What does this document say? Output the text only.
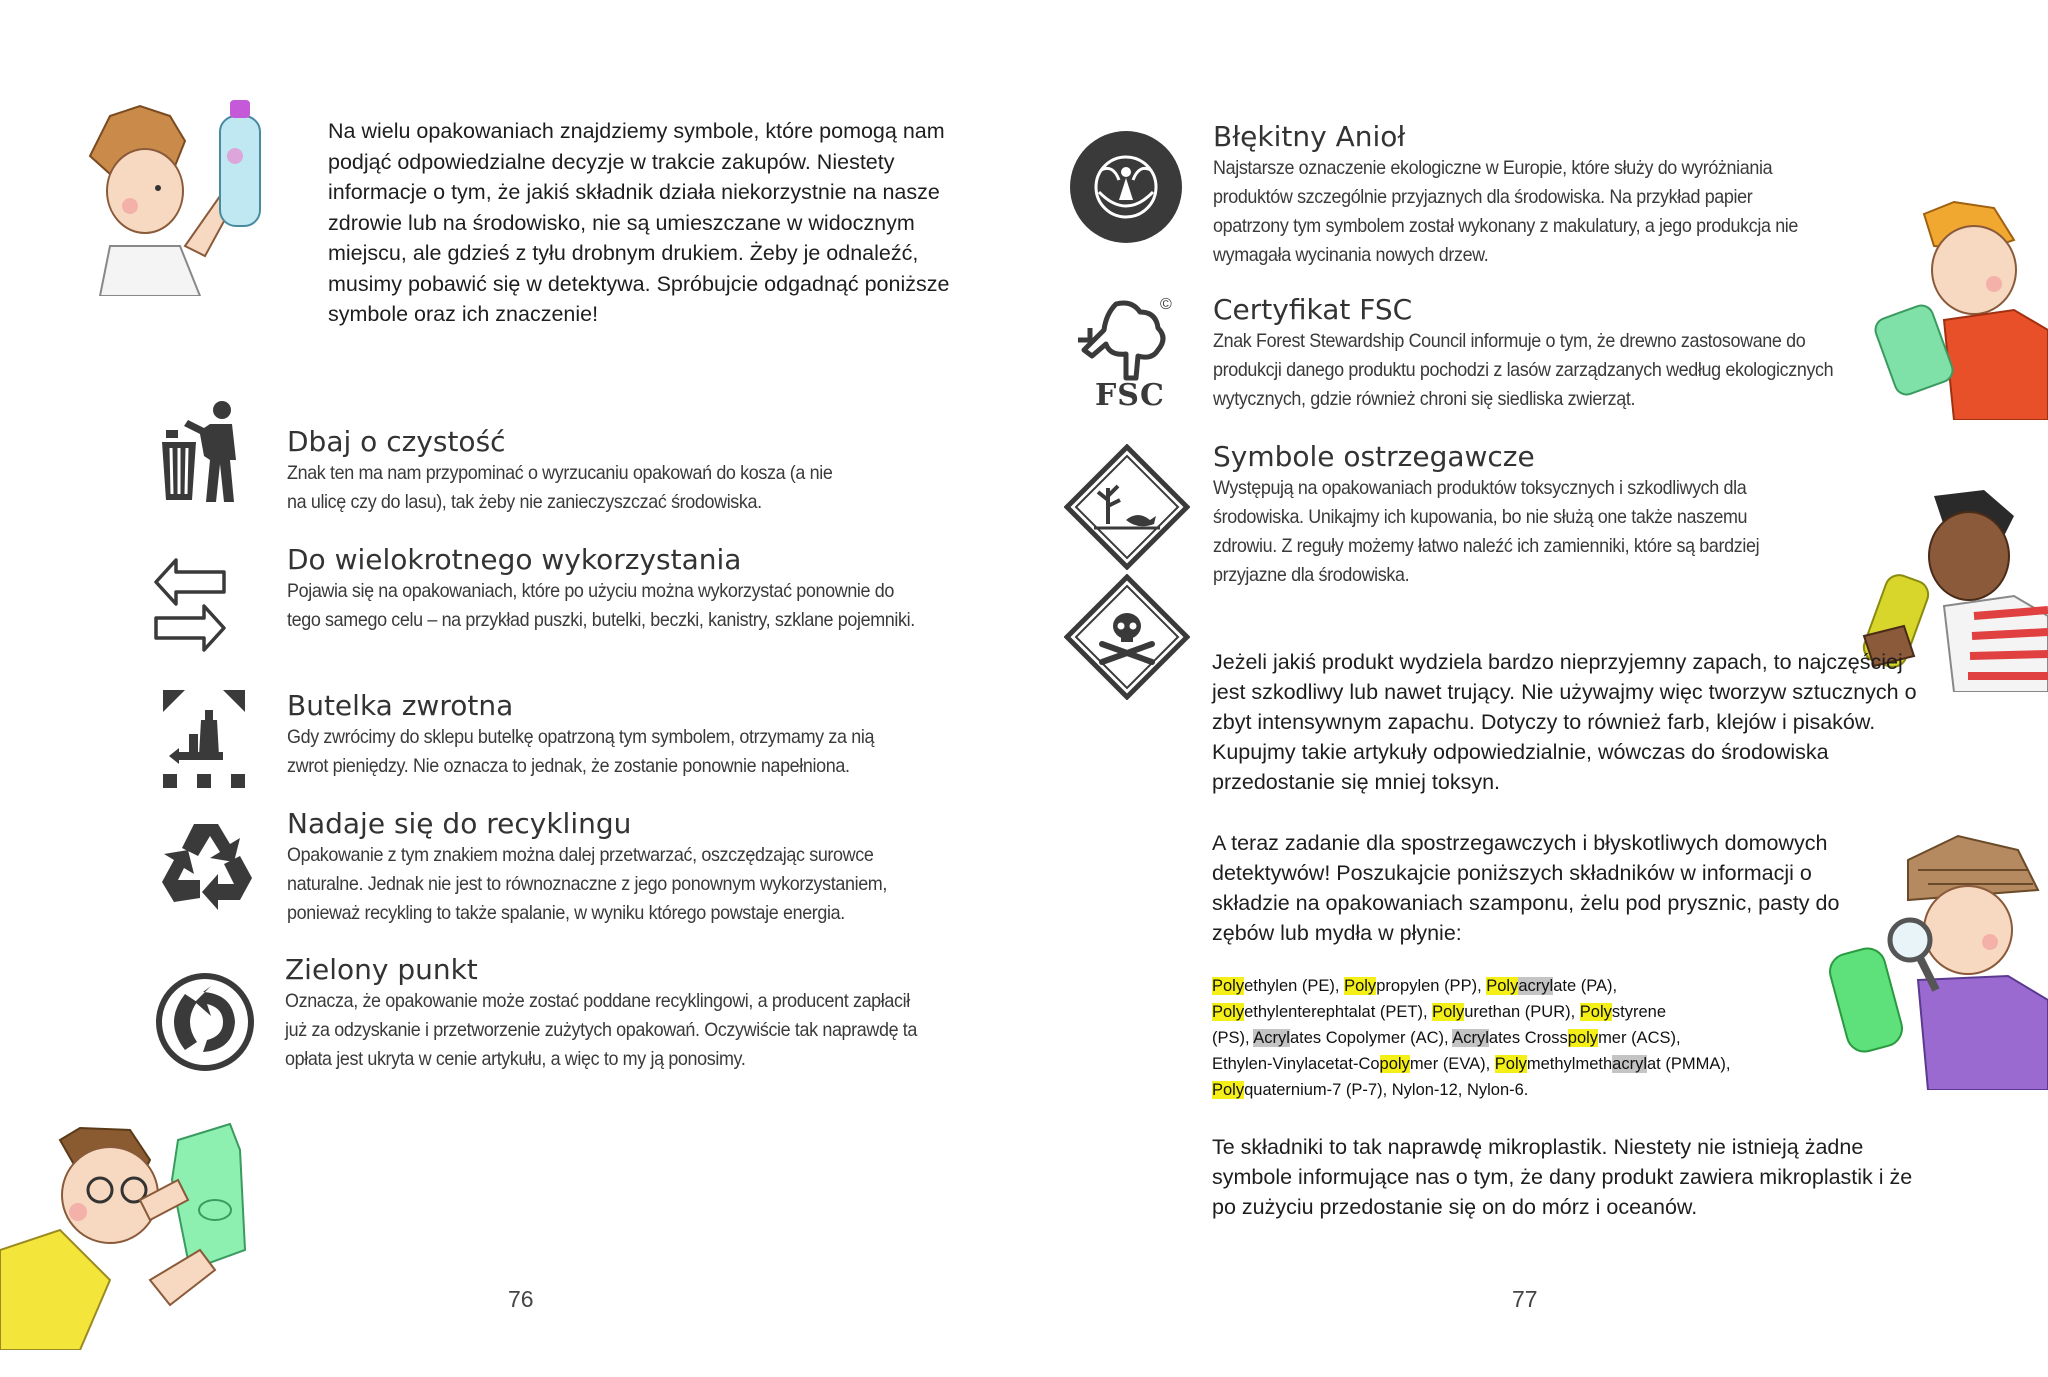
Na wielu opakowaniach znajdziemy symbole, które pomogą nam podjąć odpowiedzialne decyzje w trakcie zakupów. Niestety informacje o tym, że jakiś składnik działa niekorzystnie na nasze zdrowie lub na środowisko, nie są umieszczane w widocznym miejscu, ale gdzieś z tyłu drobnym drukiem. Żeby je odnaleźć, musimy pobawić się w detektywa. Spróbujcie odgadnąć poniższe symbole oraz ich znaczenie!
Dbaj o czystość
Znak ten ma nam przypominać o wyrzucaniu opakowań do kosza (a nie na ulicę czy do lasu), tak żeby nie zanieczyszczać środowiska.
Do wielokrotnego wykorzystania
Pojawia się na opakowaniach, które po użyciu można wykorzystać ponownie do tego samego celu – na przykład puszki, butelki, beczki, kanistry, szklane pojemniki.
Butelka zwrotna
Gdy zwrócimy do sklepu butelkę opatrzoną tym symbolem, otrzymamy za nią zwrot pieniędzy. Nie oznacza to jednak, że zostanie ponownie napełniona.
Nadaje się do recyklingu
Opakowanie z tym znakiem można dalej przetwarzać, oszczędzając surowce naturalne. Jednak nie jest to równoznaczne z jego ponownym wykorzystaniem, ponieważ recykling to także spalanie, w wyniku którego powstaje energia.
Zielony punkt
Oznacza, że opakowanie może zostać poddane recyklingowi, a producent zapłacił już za odzyskanie i przetworzenie zużytych opakowań. Oczywiście tak naprawdę ta opłata jest ukryta w cenie artykułu, a więc to my ją ponosimy.
76
Błękitny Anioł
Najstarsze oznaczenie ekologiczne w Europie, które służy do wyróżniania produktów szczególnie przyjaznych dla środowiska. Na przykład papier opatrzony tym symbolem został wykonany z makulatury, a jego produkcja nie wymagała wycinania nowych drzew.
©
FSC
Certyfikat FSC
Znak Forest Stewardship Council informuje o tym, że drewno zastosowane do produkcji danego produktu pochodzi z lasów zarządzanych według ekologicznych wytycznych, gdzie również chroni się siedliska zwierząt.
Symbole ostrzegawcze
Występują na opakowaniach produktów toksycznych i szkodliwych dla środowiska. Unikajmy ich kupowania, bo nie służą one także naszemu zdrowiu. Z reguły możemy łatwo naleźć ich zamienniki, które są bardziej przyjazne dla środowiska.
Jeżeli jakiś produkt wydziela bardzo nieprzyjemny zapach, to najczęściej jest szkodliwy lub nawet trujący. Nie używajmy więc tworzyw sztucznych o zbyt intensywnym zapachu. Dotyczy to również farb, klejów i pisaków. Kupujmy takie artykuły odpowiedzialnie, wówczas do środowiska przedostanie się mniej toksyn.
A teraz zadanie dla spostrzegawczych i błyskotliwych domowych detektywów! Poszukajcie poniższych składników w informacji o składzie na opakowaniach szamponu, żelu pod prysznic, pasty do zębów lub mydła w płynie:
Polyethylen (PE), Polypropylen (PP), Polyacrylate (PA),
Polyethylenterephtalat (PET), Polyurethan (PUR), Polystyrene
(PS), Acrylates Copolymer (AC), Acrylates Crosspolymer (ACS),
Ethylen-Vinylacetat-Copolymer (EVA), Polymethylmethacrylat (PMMA),
Polyquaternium-7 (P-7), Nylon-12, Nylon-6.
Te składniki to tak naprawdę mikroplastik. Niestety nie istnieją żadne symbole informujące nas o tym, że dany produkt zawiera mikroplastik i że po zużyciu przedostanie się on do mórz i oceanów.
77
